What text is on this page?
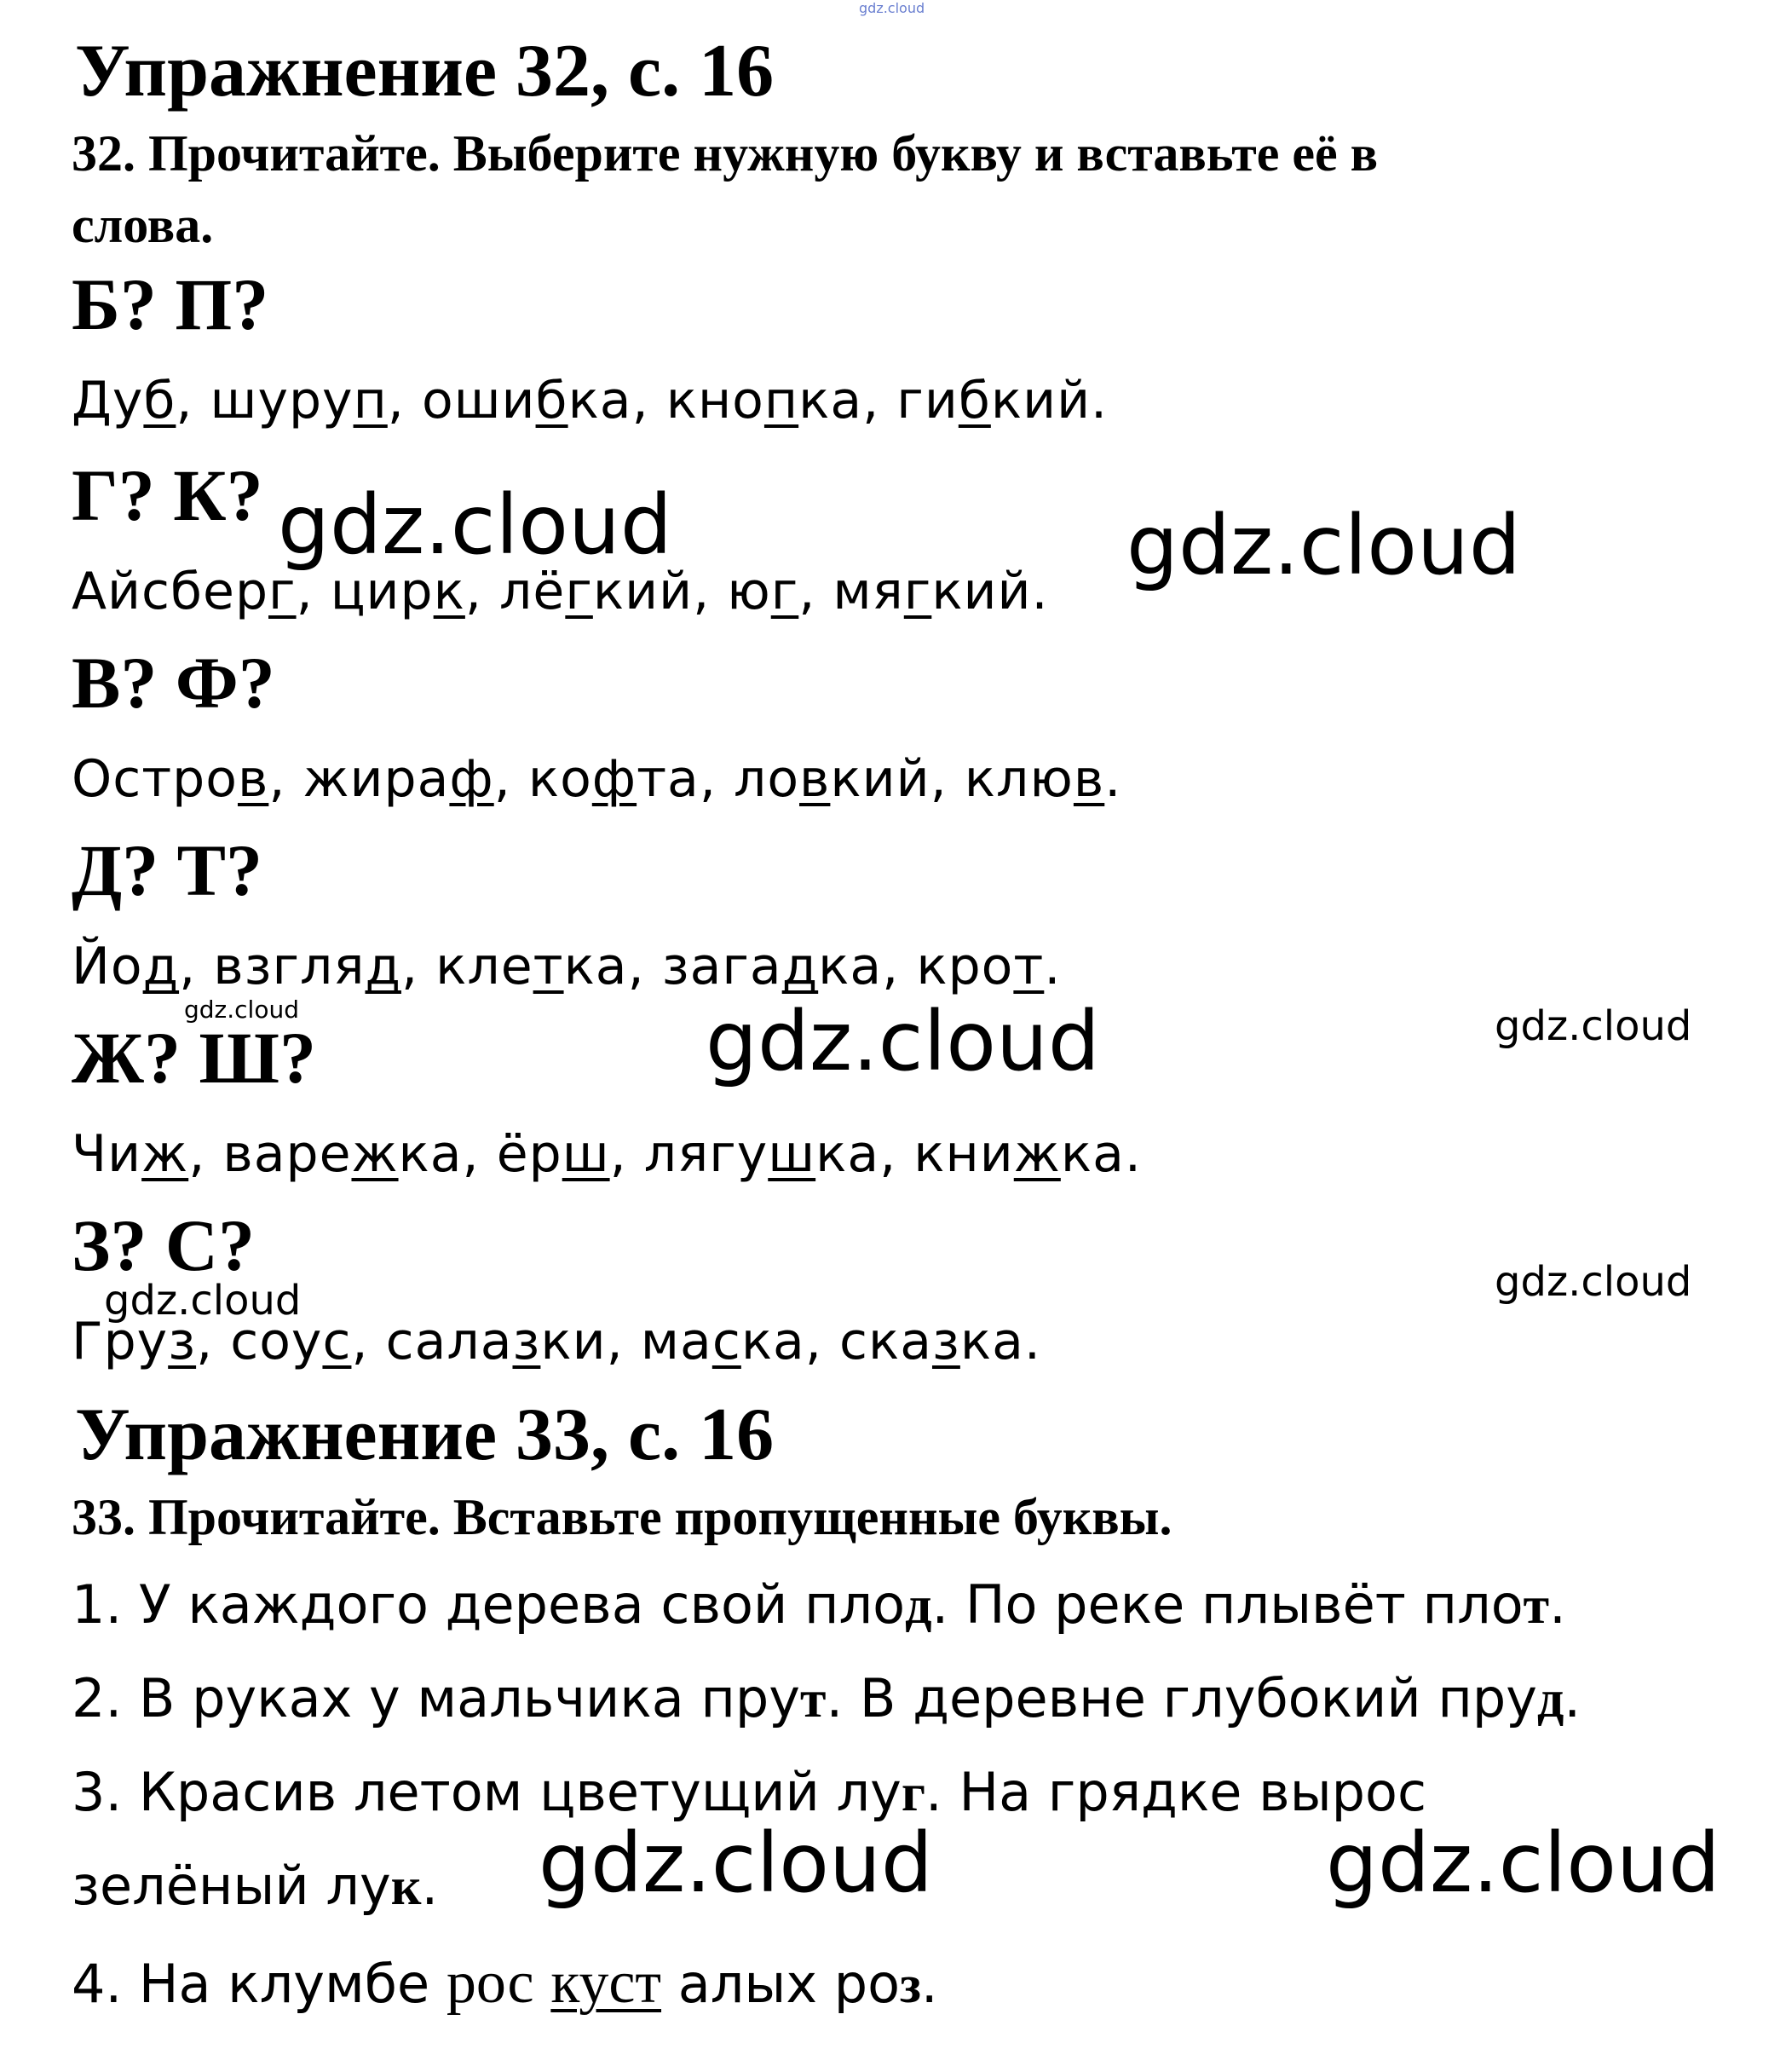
gdz.cloud
Упражнение 32, с. 16
32. Прочитайте. Выберите нужную букву и вставьте её в
слова.
Б? П?
Дуб, шуруп, ошибка, кнопка, гибкий.
Г? К?
Айсберг, цирк, лёгкий, юг, мягкий.
В? Ф?
Остров, жираф, кофта, ловкий, клюв.
Д? Т?
Йод, взгляд, клетка, загадка, крот.
Ж? Ш?
Чиж, варежка, ёрш, лягушка, книжка.
З? С?
Груз, соус, салазки, маска, сказка.
Упражнение 33, с. 16
33. Прочитайте. Вставьте пропущенные буквы.
1. У каждого дерева свой плод. По реке плывёт плот.
2. В руках у мальчика прут. В деревне глубокий пруд.
3. Красив летом цветущий луг. На грядке вырос
зелёный лук.
4. На клумбе рос куст алых роз.
gdz.cloud	gdz.cloud
gdz.cloud	gdz.cloud	gdz.cloud
gdz.cloud	gdz.cloud
gdz.cloud	gdz.cloud
